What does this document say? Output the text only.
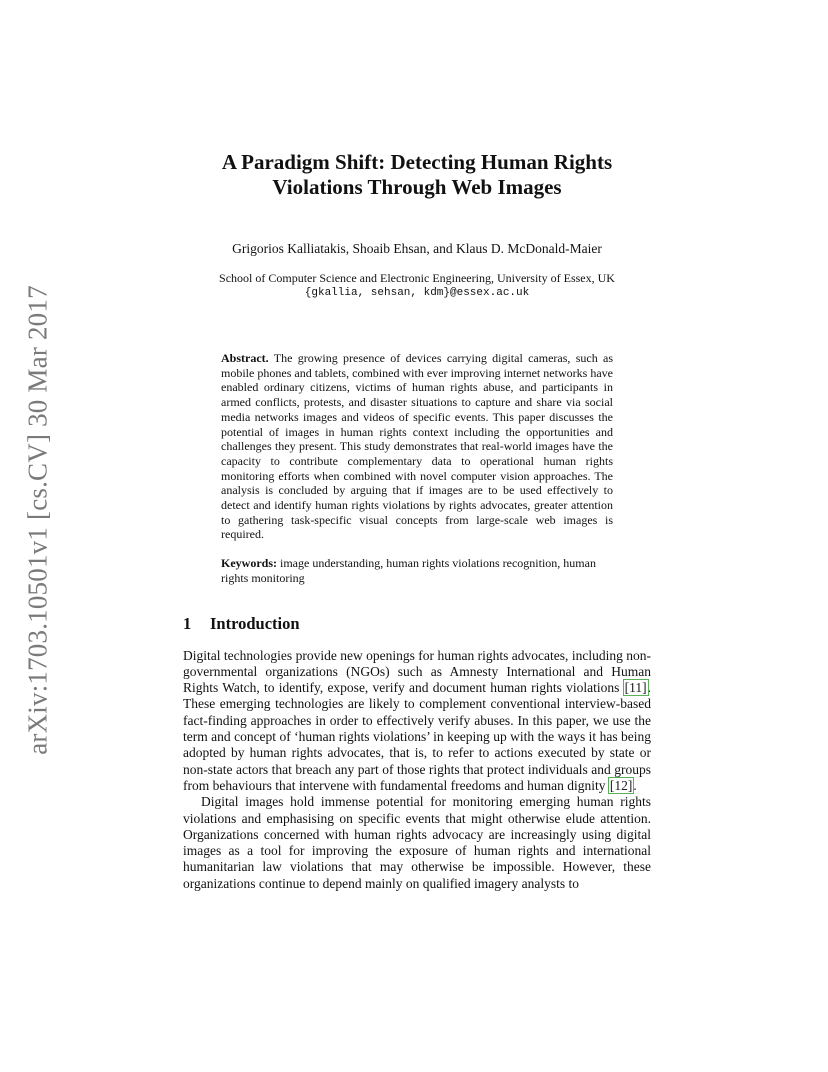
arXiv:1703.10501v1 [cs.CV] 30 Mar 2017
A Paradigm Shift: Detecting Human Rights
Violations Through Web Images
Grigorios Kalliatakis, Shoaib Ehsan, and Klaus D. McDonald-Maier
School of Computer Science and Electronic Engineering, University of Essex, UK
{gkallia, sehsan, kdm}@essex.ac.uk
Abstract. The growing presence of devices carrying digital cameras, such as mobile phones and tablets, combined with ever improving internet networks have enabled ordinary citizens, victims of human rights abuse, and participants in armed conflicts, protests, and disaster situations to capture and share via social media networks images and videos of specific events. This paper discusses the potential of images in human rights context including the opportunities and challenges they present. This study demonstrates that real-world images have the capacity to contribute complementary data to operational human rights monitoring efforts when combined with novel computer vision approaches. The analysis is concluded by arguing that if images are to be used effectively to detect and identify human rights violations by rights advocates, greater attention to gathering task-specific visual concepts from large-scale web images is required.
Keywords: image understanding, human rights violations recognition, human rights monitoring
1 Introduction

Digital technologies provide new openings for human rights advocates, including non-governmental organizations (NGOs) such as Amnesty International and Human Rights Watch, to identify, expose, verify and document human rights violations [11]. These emerging technologies are likely to complement conventional interview-based fact-finding approaches in order to effectively verify abuses. In this paper, we use the term and concept of ‘human rights violations’ in keeping up with the ways it has being adopted by human rights advocates, that is, to refer to actions executed by state or non-state actors that breach any part of those rights that protect individuals and groups from behaviours that intervene with fundamental freedoms and human dignity [12].

Digital images hold immense potential for monitoring emerging human rights violations and emphasising on specific events that might otherwise elude attention. Organizations concerned with human rights advocacy are increasingly using digital images as a tool for improving the exposure of human rights and international humanitarian law violations that may otherwise be impossible. However, these organizations continue to depend mainly on qualified imagery analysts to
